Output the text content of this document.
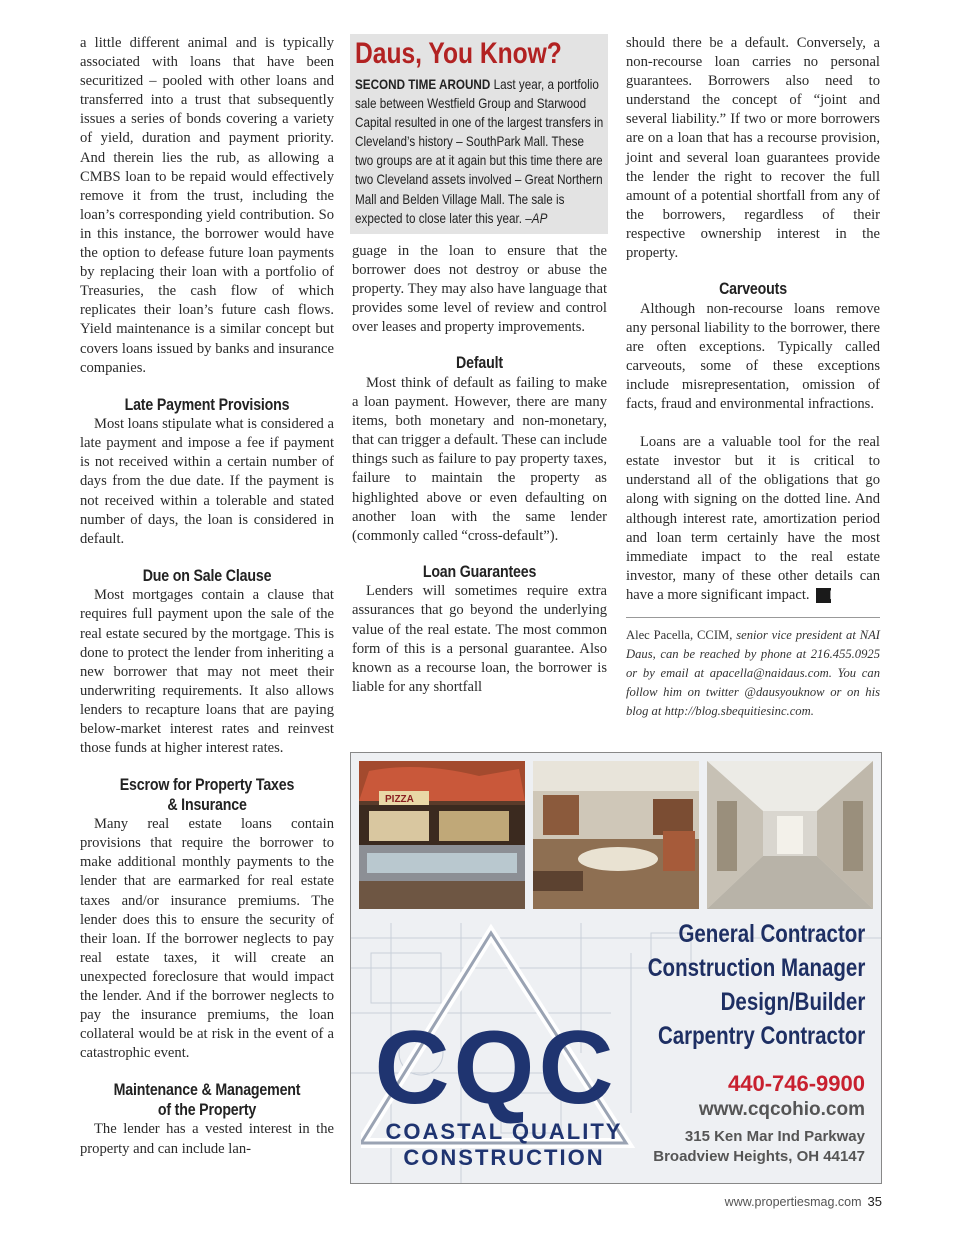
a little different animal and is typically associated with loans that have been securitized – pooled with other loans and transferred into a trust that subsequently issues a series of bonds covering a variety of yield, duration and payment priority. And therein lies the rub, as allowing a CMBS loan to be repaid would effectively remove it from the trust, including the loan’s corresponding yield contribution. So in this instance, the borrower would have the option to defease future loan payments by replacing their loan with a portfolio of Treasuries, the cash flow of which replicates their loan’s future cash flows. Yield maintenance is a similar concept but covers loans issued by banks and insurance companies.

Late Payment Provisions

Most loans stipulate what is considered a late payment and impose a fee if payment is not received within a certain number of days from the due date. If the payment is not received within a tolerable and stated number of days, the loan is considered in default.

Due on Sale Clause

Most mortgages contain a clause that requires full payment upon the sale of the real estate secured by the mortgage. This is done to protect the lender from inheriting a new borrower that may not meet their underwriting requirements. It also allows lenders to recapture loans that are paying below-market interest rates and reinvest those funds at higher interest rates.

Escrow for Property Taxes
& Insurance

Many real estate loans contain provisions that require the borrower to make additional monthly payments to the lender that are earmarked for real estate taxes and/or insurance premiums. The lender does this to ensure the security of their loan. If the borrower neglects to pay real estate taxes, it will create an unexpected foreclosure that would impact the lender. And if the borrower neglects to pay the insurance premiums, the loan collateral would be at risk in the event of a catastrophic event.

Maintenance & Management
of the Property

The lender has a vested interest in the property and can include lan-

Daus, You Know?
SECOND TIME AROUND Last year, a portfolio sale between Westfield Group and Starwood Capital resulted in one of the largest transfers in Cleveland’s history – SouthPark Mall. These two groups are at it again but this time there are two Cleveland assets involved – Great Northern Mall and Belden Village Mall. The sale is expected to close later this year. –AP

guage in the loan to ensure that the borrower does not destroy or abuse the property. They may also have language that provides some level of review and control over leases and property improvements.

Default

Most think of default as failing to make a loan payment. However, there are many items, both monetary and non-monetary, that can trigger a default. These can include things such as failure to pay property taxes, failure to maintain the property as highlighted above or even defaulting on another loan with the same lender (commonly called “cross-default”).

Loan Guarantees

Lenders will sometimes require extra assurances that go beyond the underlying value of the real estate. The most common form of this is a personal guarantee. Also known as a recourse loan, the borrower is liable for any shortfall

should there be a default. Conversely, a non-recourse loan carries no personal guarantees. Borrowers also need to understand the concept of “joint and several liability.” If two or more borrowers are on a loan that has a recourse provision, joint and several loan guarantees provide the lender the right to recover the full amount of a potential shortfall from any of the borrowers, regardless of their respective ownership interest in the property.

Carveouts

Although non-recourse loans remove any personal liability to the borrower, there are often exceptions. Typically called carveouts, some of these exceptions include misrepresentation, omission of facts, fraud and environmental infractions.

Loans are a valuable tool for the real estate investor but it is critical to understand all of the obligations that go along with signing on the dotted line. And although interest rate, amortization period and loan term certainly have the most immediate impact to the real estate investor, many of these other details can have a more significant impact. P

Alec Pacella, CCIM, senior vice president at NAI Daus, can be reached by phone at 216.455.0925 or by email at apacella@naidaus.com. You can follow him on twitter @dausyouknow or on his blog at http://blog.sbequitiesinc.com.

PIZZA
CQC
COASTAL QUALITY
CONSTRUCTION
General Contractor
Construction Manager
Design/Builder
Carpentry Contractor
440-746-9900
www.cqcohio.com
315 Ken Mar Ind Parkway
Broadview Heights, OH 44147
www.propertiesmag.com 35
